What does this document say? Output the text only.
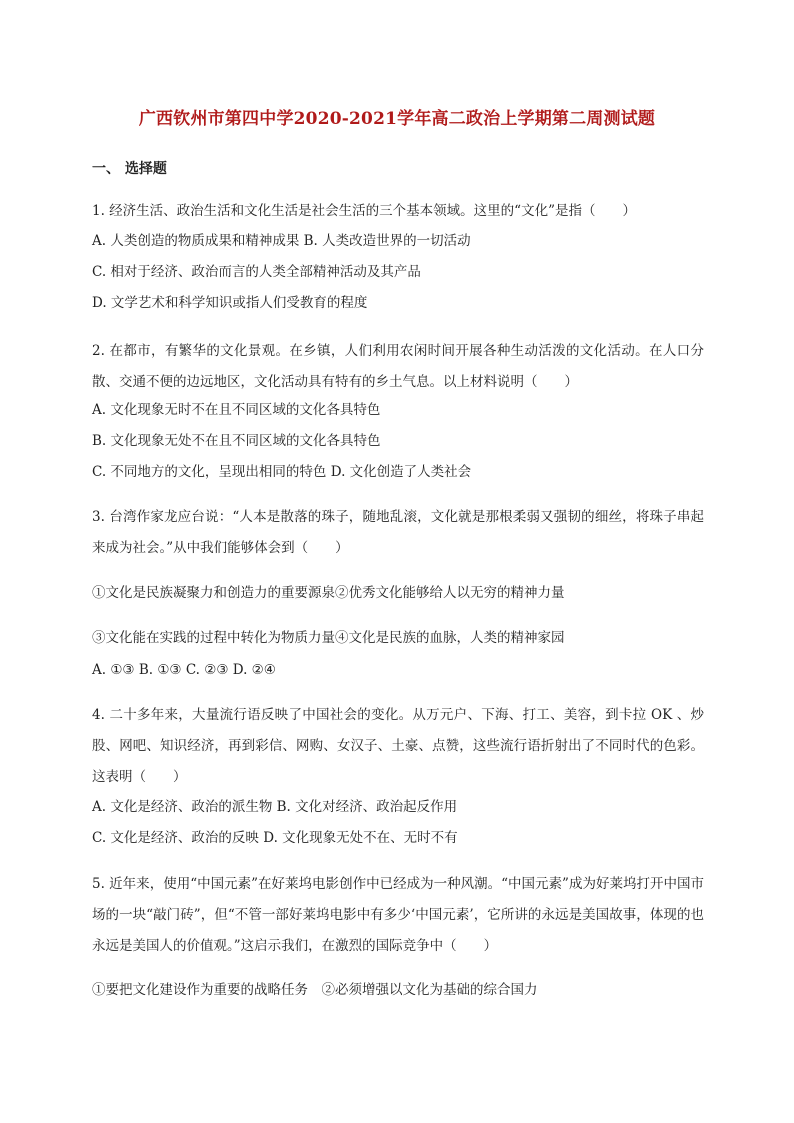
广西钦州市第四中学2020-2021学年高二政治上学期第二周测试题
一、 选择题
1. 经济生活、政治生活和文化生活是社会生活的三个基本领域。这里的“文化”是指（　　）
A. 人类创造的物质成果和精神成果 B. 人类改造世界的一切活动
C. 相对于经济、政治而言的人类全部精神活动及其产品
D. 文学艺术和科学知识或指人们受教育的程度
2. 在都市，有繁华的文化景观。在乡镇，人们利用农闲时间开展各种生动活泼的文化活动。在人口分散、交通不便的边远地区，文化活动具有特有的乡土气息。以上材料说明（　　）
A. 文化现象无时不在且不同区域的文化各具特色
B. 文化现象无处不在且不同区域的文化各具特色
C. 不同地方的文化，呈现出相同的特色 D. 文化创造了人类社会
3. 台湾作家龙应台说：“人本是散落的珠子，随地乱滚，文化就是那根柔弱又强韧的细丝，将珠子串起来成为社会。”从中我们能够体会到（　　）
①文化是民族凝聚力和创造力的重要源泉②优秀文化能够给人以无穷的精神力量
③文化能在实践的过程中转化为物质力量④文化是民族的血脉，人类的精神家园
A. ①③ B. ①③ C. ②③ D. ②④
4. 二十多年来，大量流行语反映了中国社会的变化。从万元户、下海、打工、美容，到卡拉 OK 、炒股、网吧、知识经济，再到彩信、网购、女汉子、土豪、点赞，这些流行语折射出了不同时代的色彩。这表明（　　）
A. 文化是经济、政治的派生物 B. 文化对经济、政治起反作用
C. 文化是经济、政治的反映 D. 文化现象无处不在、无时不有
5. 近年来，使用“中国元素”在好莱坞电影创作中已经成为一种风潮。“中国元素”成为好莱坞打开中国市场的一块“敲门砖”，但“不管一部好莱坞电影中有多少‘中国元素’，它所讲的永远是美国故事，体现的也永远是美国人的价值观。”这启示我们，在激烈的国际竞争中（　　）
①要把文化建设作为重要的战略任务　②必须增强以文化为基础的综合国力
